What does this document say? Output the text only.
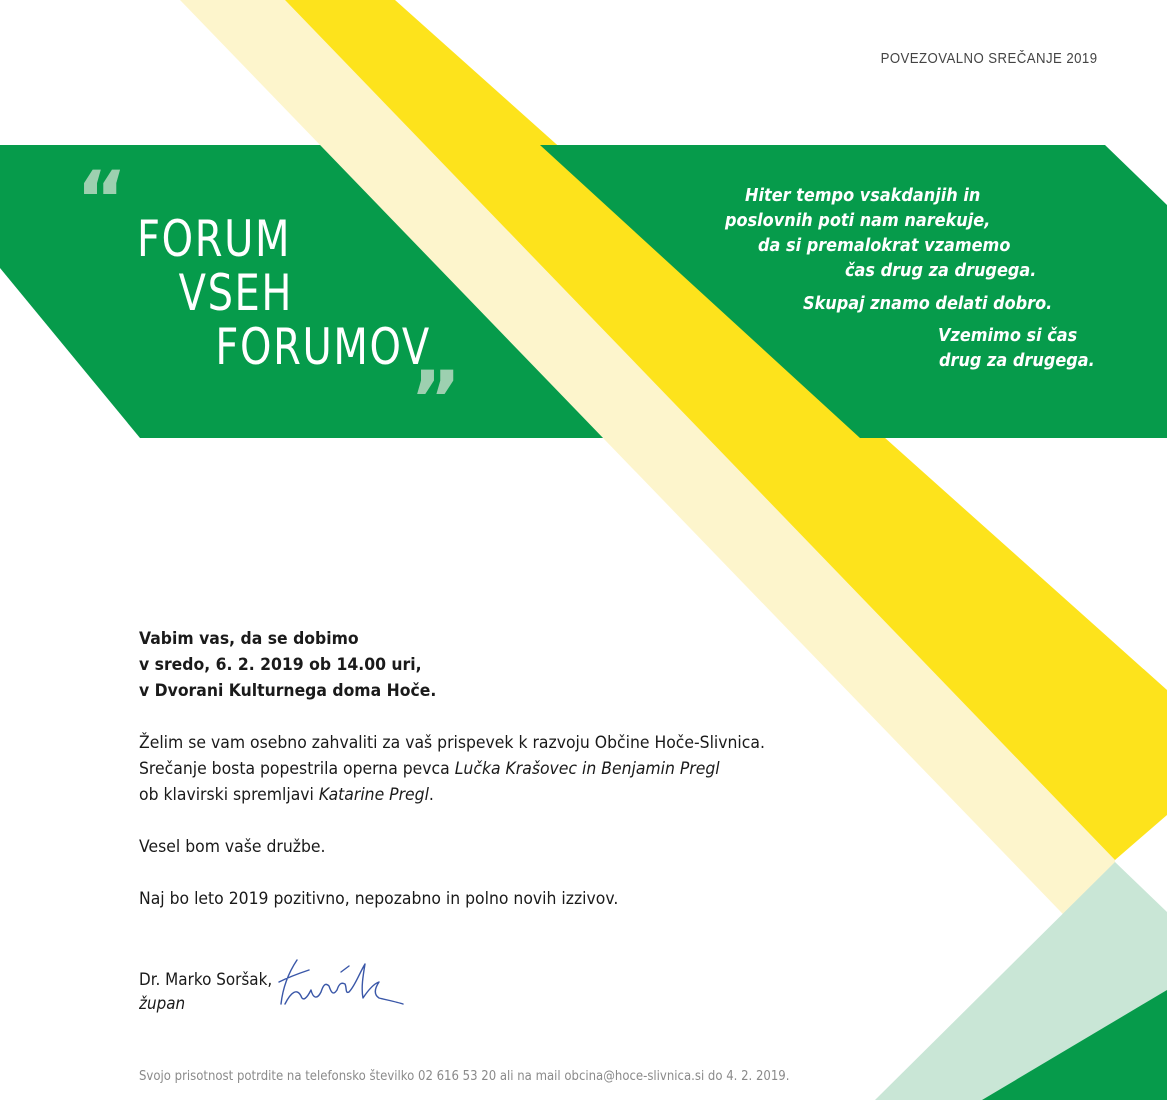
POVEZOVALNO SREČANJE 2019
“
”
FORUM
VSEH
FORUMOV
Hiter tempo vsakdanjih in
poslovnih poti nam narekuje,
da si premalokrat vzamemo
čas drug za drugega.
Skupaj znamo delati dobro.
Vzemimo si čas
drug za drugega.

Vabim vas, da se dobimo

v sredo, 6. 2. 2019 ob 14.00 uri,

v Dvorani Kulturnega doma Hoče.

Želim se vam osebno zahvaliti za vaš prispevek k razvoju Občine Hoče-Slivnica.

Srečanje bosta popestrila operna pevca Lučka Krašovec in Benjamin Pregl

ob klavirski spremljavi Katarine Pregl.

Vesel bom vaše družbe.

Naj bo leto 2019 pozitivno, nepozabno in polno novih izzivov.

Dr. Marko Soršak,
župan
Svojo prisotnost potrdite na telefonsko številko 02 616 53 20 ali na mail obcina@hoce-slivnica.si do 4. 2. 2019.
